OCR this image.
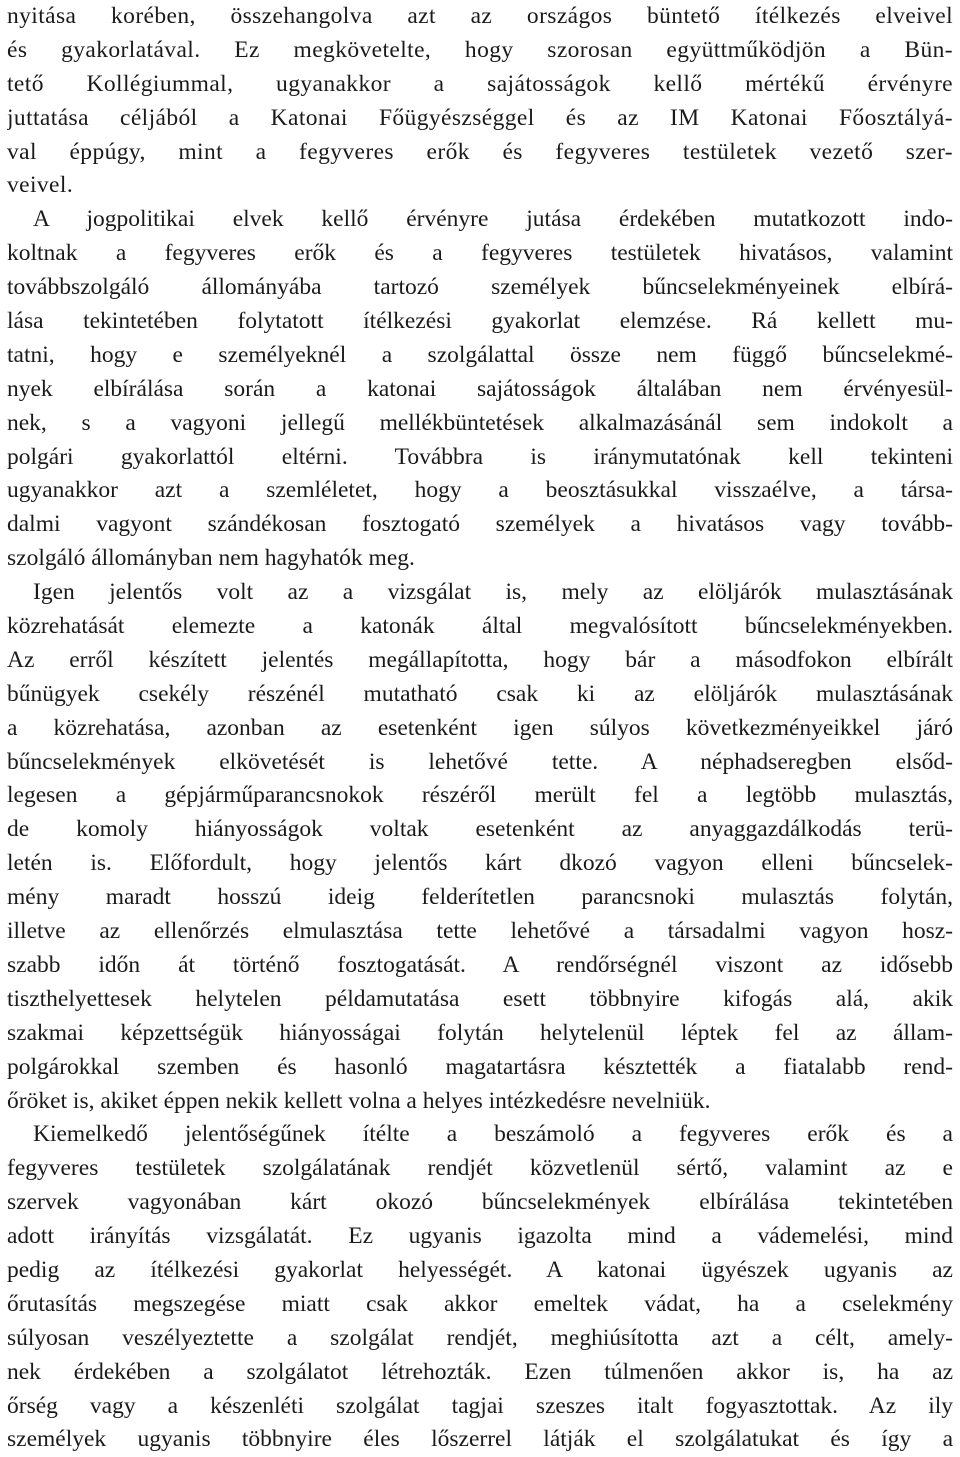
nyitása korében, összehangolva azt az országos büntető ítélkezés elveivel
és gyakorlatával. Ez megkövetelte, hogy szorosan együttműködjön a Bün-
tető Kollégiummal, ugyanakkor a sajátosságok kellő mértékű érvényre
juttatása céljából a Katonai Főügyészséggel és az IM Katonai Főosztályá-
val éppúgy, mint a fegyveres erők és fegyveres testületek vezető szer-
veivel.
A jogpolitikai elvek kellő érvényre jutása érdekében mutatkozott indo-
koltnak a fegyveres erők és a fegyveres testületek hivatásos, valamint
továbbszolgáló állományába tartozó személyek bűncselekményeinek elbírá-
lása tekintetében folytatott ítélkezési gyakorlat elemzése. Rá kellett mu-
tatni, hogy e személyeknél a szolgálattal össze nem függő bűncselekmé-
nyek elbírálása során a katonai sajátosságok általában nem érvényesül-
nek, s a vagyoni jellegű mellékbüntetések alkalmazásánál sem indokolt a
polgári gyakorlattól eltérni. Továbbra is iránymutatónak kell tekinteni
ugyanakkor azt a szemléletet, hogy a beosztásukkal visszaélve, a társa-
dalmi vagyont szándékosan fosztogató személyek a hivatásos vagy tovább-
szolgáló állományban nem hagyhatók meg.
Igen jelentős volt az a vizsgálat is, mely az elöljárók mulasztásának
közrehatását elemezte a katonák által megvalósított bűncselekményekben.
Az erről készített jelentés megállapította, hogy bár a másodfokon elbírált
bűnügyek csekély részénél mutatható csak ki az elöljárók mulasztásának
a közrehatása, azonban az esetenként igen súlyos következményeikkel járó
bűncselekmények elkövetését is lehetővé tette. A néphadseregben elsőd-
legesen a gépjárműparancsnokok részéről merült fel a legtöbb mulasztás,
de komoly hiányosságok voltak esetenként az anyaggazdálkodás terü-
letén is. Előfordult, hogy jelentős kárt dkozó vagyon elleni bűncselek-
mény maradt hosszú ideig felderítetlen parancsnoki mulasztás folytán,
illetve az ellenőrzés elmulasztása tette lehetővé a társadalmi vagyon hosz-
szabb időn át történő fosztogatását. A rendőrségnél viszont az idősebb
tiszthelyettesek helytelen példamutatása esett többnyire kifogás alá, akik
szakmai képzettségük hiányosságai folytán helytelenül léptek fel az állam-
polgárokkal szemben és hasonló magatartásra késztették a fiatalabb rend-
őröket is, akiket éppen nekik kellett volna a helyes intézkedésre nevelniük.
Kiemelkedő jelentőségűnek ítélte a beszámoló a fegyveres erők és a
fegyveres testületek szolgálatának rendjét közvetlenül sértő, valamint az e
szervek vagyonában kárt okozó bűncselekmények elbírálása tekintetében
adott irányítás vizsgálatát. Ez ugyanis igazolta mind a vádemelési, mind
pedig az ítélkezési gyakorlat helyességét. A katonai ügyészek ugyanis az
őrutasítás megszegése miatt csak akkor emeltek vádat, ha a cselekmény
súlyosan veszélyeztette a szolgálat rendjét, meghiúsította azt a célt, amely-
nek érdekében a szolgálatot létrehozták. Ezen túlmenően akkor is, ha az
őrség vagy a készenléti szolgálat tagjai szeszes italt fogyasztottak. Az ily
személyek ugyanis többnyire éles lőszerrel látják el szolgálatukat és így a
